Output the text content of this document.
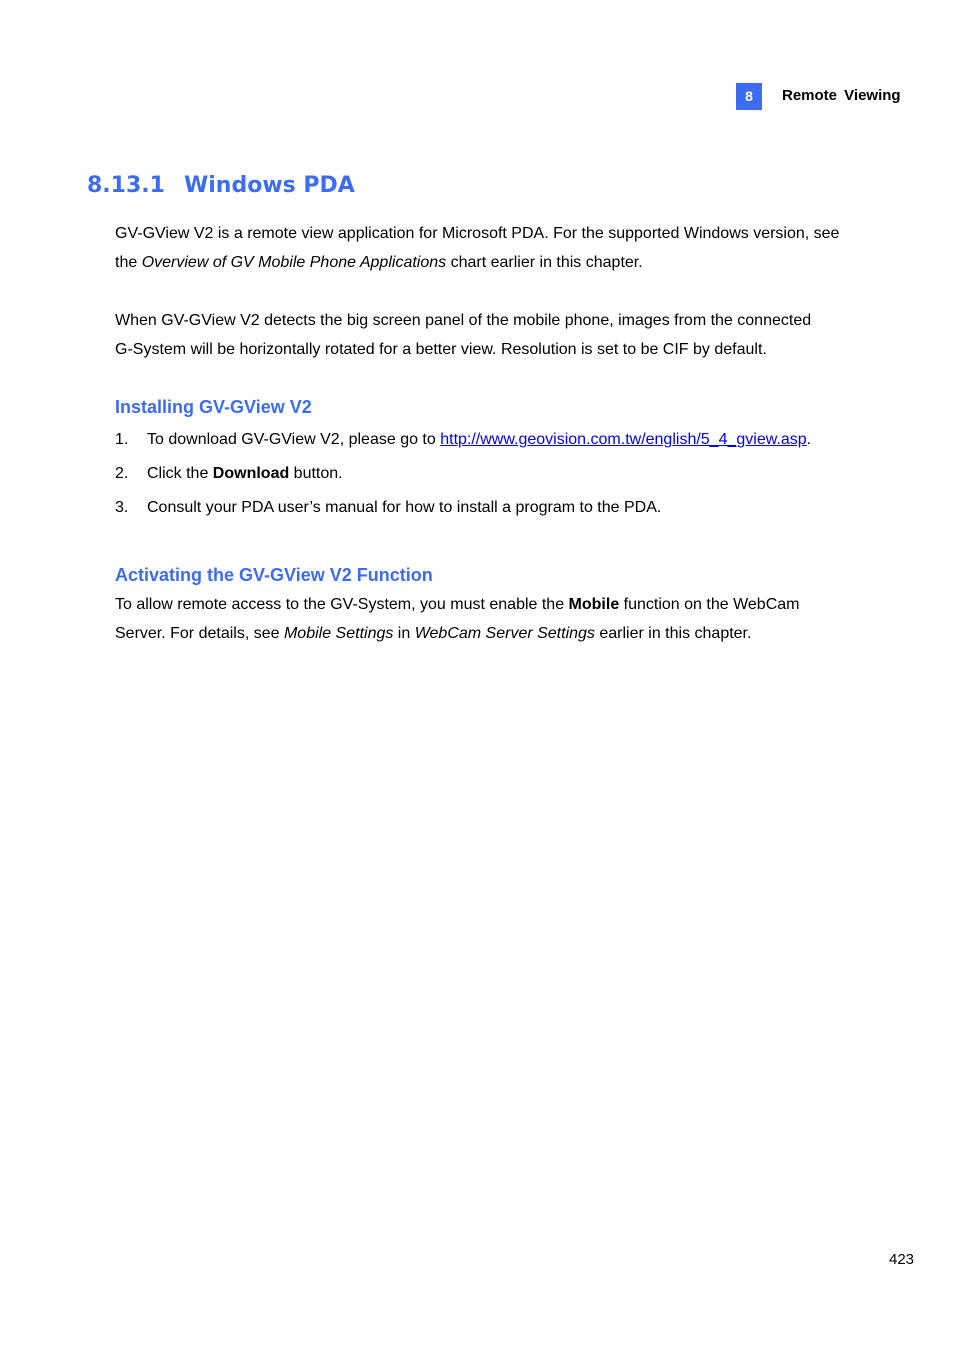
8	Remote Viewing
8.13.1 Windows PDA

GV-GView V2 is a remote view application for Microsoft PDA. For the supported Windows version, see the Overview of GV Mobile Phone Applications chart earlier in this chapter.

When GV-GView V2 detects the big screen panel of the mobile phone, images from the connected G-System will be horizontally rotated for a better view. Resolution is set to be CIF by default.

Installing GV-GView V2
1. To download GV-GView V2, please go to http://www.geovision.com.tw/english/5_4_gview.asp.
2. Click the Download button.
3. Consult your PDA user’s manual for how to install a program to the PDA.
Activating the GV-GView V2 Function

To allow remote access to the GV-System, you must enable the Mobile function on the WebCam Server. For details, see Mobile Settings in WebCam Server Settings earlier in this chapter.

423
